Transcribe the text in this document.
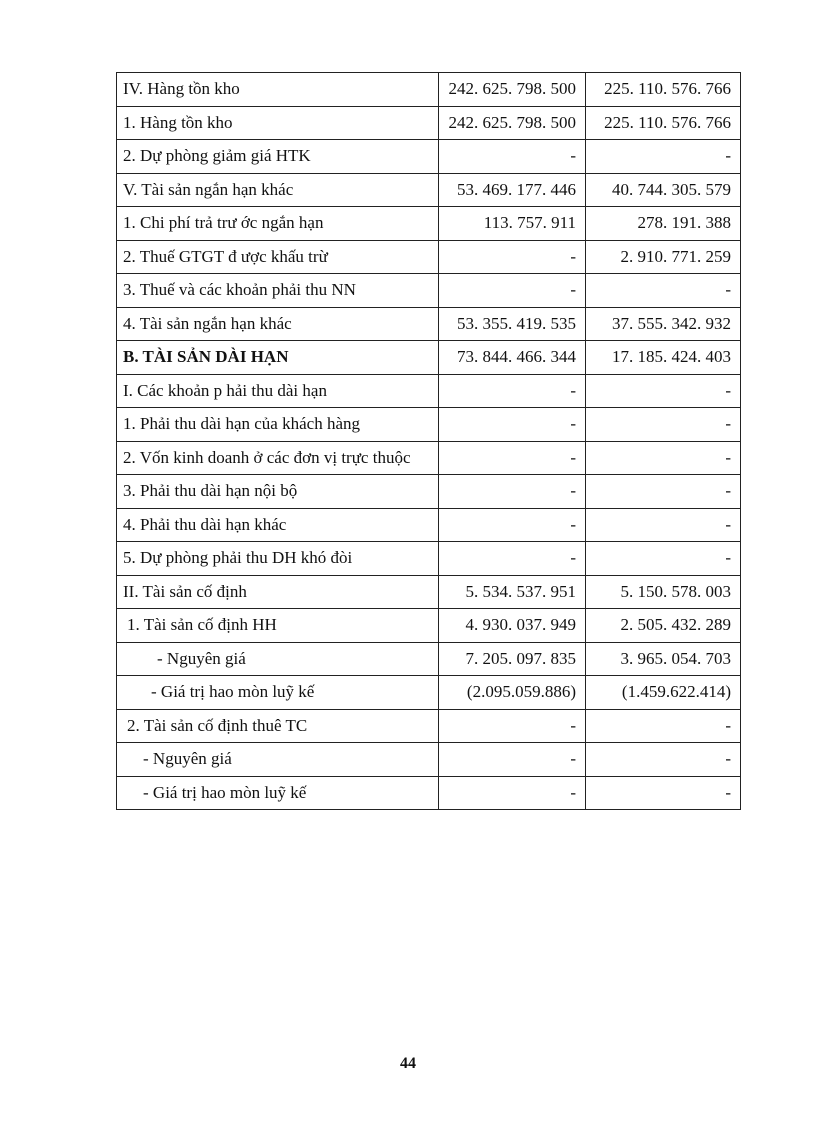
IV. Hàng tồn kho	242. 625. 798. 500	225. 110. 576. 766
1. Hàng tồn kho	242. 625. 798. 500	225. 110. 576. 766
2. Dự phòng giảm giá HTK	-	-
V. Tài sản ngắn hạn khác	53. 469. 177. 446	40. 744. 305. 579
1. Chi phí trả trư ớc ngắn hạn	113. 757. 911	278. 191. 388
2. Thuế GTGT đ ược khấu trừ	-	2. 910. 771. 259
3. Thuế và các khoản phải thu NN	-	-
4. Tài sản ngắn hạn khác	53. 355. 419. 535	37. 555. 342. 932
B. TÀI SẢN DÀI HẠN	73. 844. 466. 344	17. 185. 424. 403
I. Các khoản p hải thu dài hạn	-	-
1. Phải thu dài hạn của khách hàng	-	-
2. Vốn kinh doanh ở các đơn vị trực thuộc	-	-
3. Phải thu dài hạn nội bộ	-	-
4. Phải thu dài hạn khác	-	-
5. Dự phòng phải thu DH khó đòi	-	-
II. Tài sản cố định	5. 534. 537. 951	5. 150. 578. 003
1. Tài sản cố định HH	4. 930. 037. 949	2. 505. 432. 289
- Nguyên giá	7. 205. 097. 835	3. 965. 054. 703
- Giá trị hao mòn luỹ kế	(2.095.059.886)	(1.459.622.414)
2. Tài sản cố định thuê TC	-	-
- Nguyên giá	-	-
- Giá trị hao mòn luỹ kế	-	-
44
